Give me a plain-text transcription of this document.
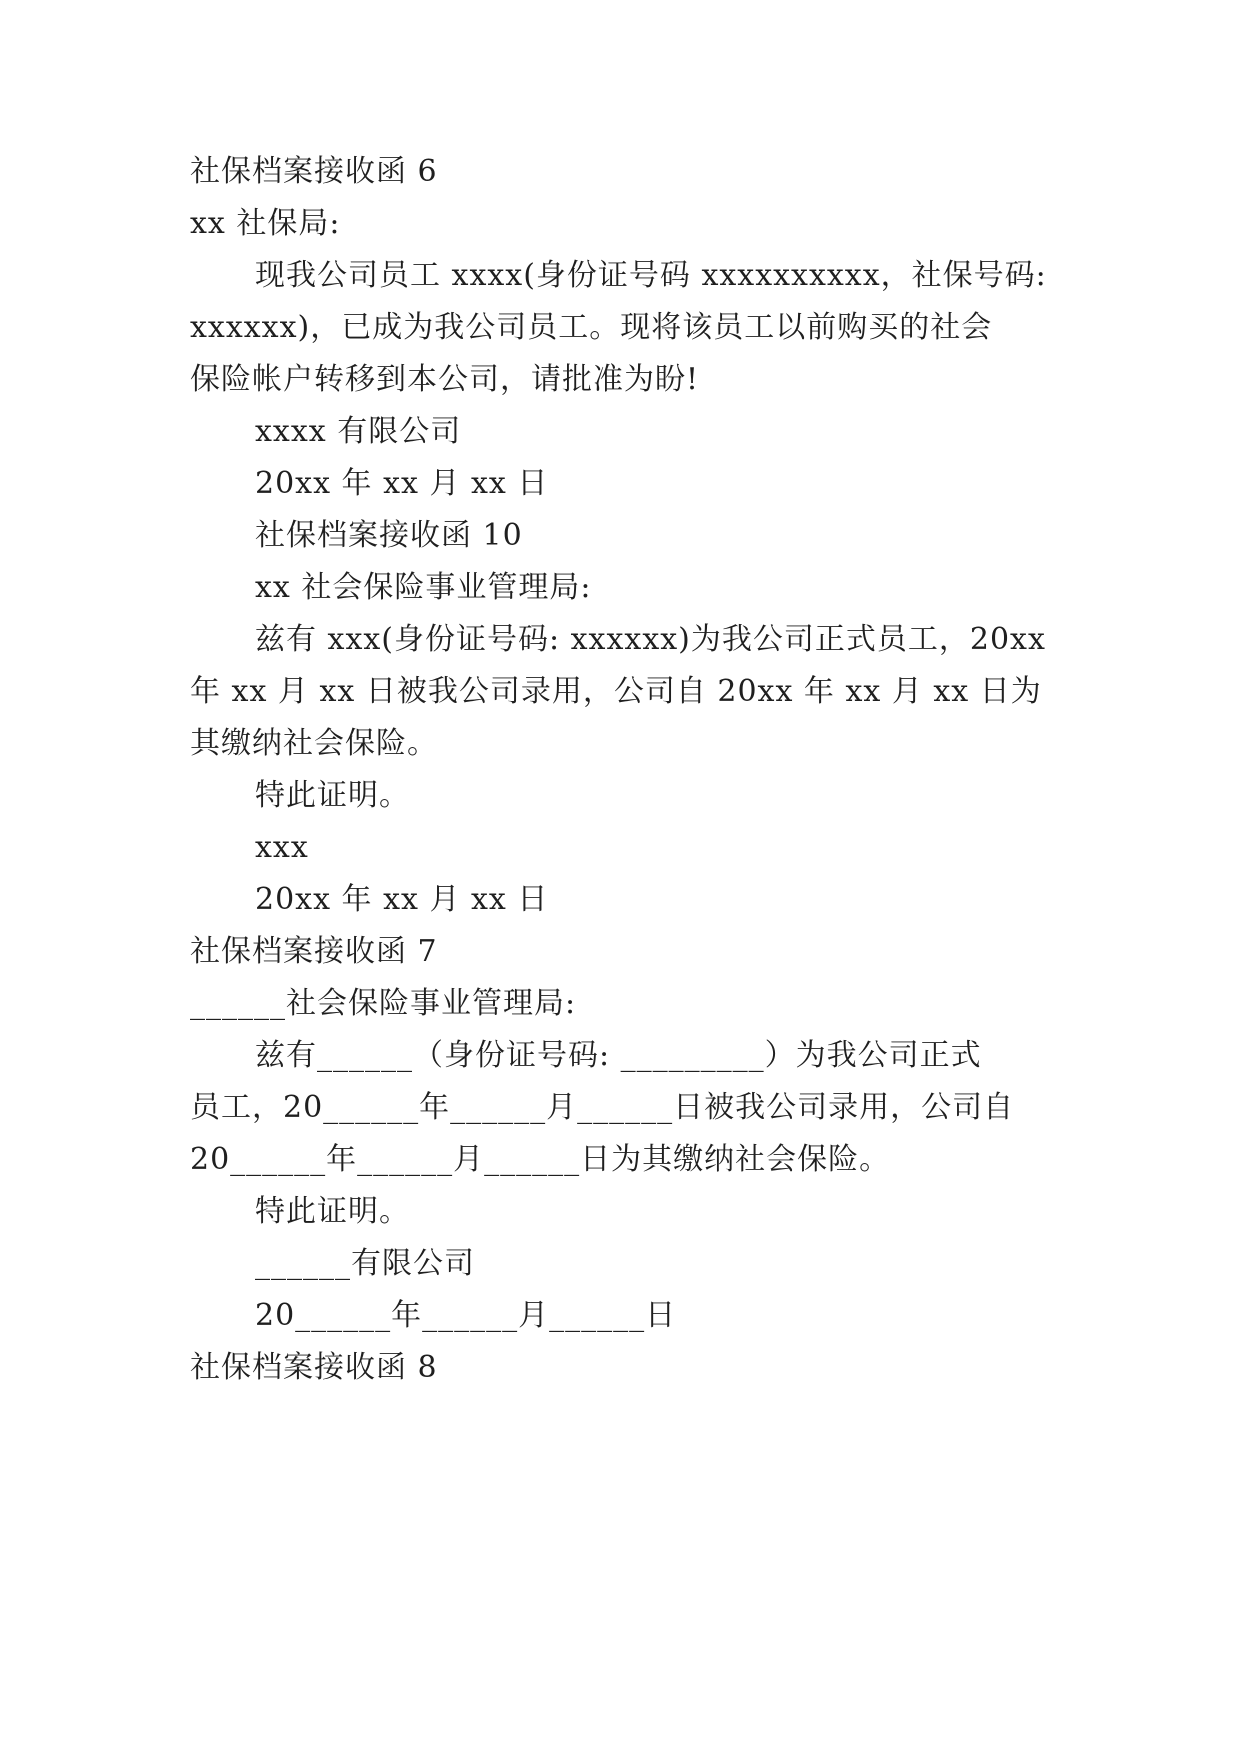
社保档案接收函 6
xx 社保局:
现我公司员工 xxxx(身份证号码 xxxxxxxxxx，社保号码:
xxxxxx)，已成为我公司员工。现将该员工以前购买的社会
保险帐户转移到本公司，请批准为盼!
xxxx 有限公司
20xx 年 xx 月 xx 日
社保档案接收函 10
xx 社会保险事业管理局:
兹有 xxx(身份证号码: xxxxxx)为我公司正式员工，20xx
年 xx 月 xx 日被我公司录用，公司自 20xx 年 xx 月 xx 日为
其缴纳社会保险。
特此证明。
xxx
20xx 年 xx 月 xx 日
社保档案接收函 7
______社会保险事业管理局:
兹有______（身份证号码: _________）为我公司正式
员工，20______年______月______日被我公司录用，公司自
20______年______月______日为其缴纳社会保险。
特此证明。
______有限公司
20______年______月______日
社保档案接收函 8
